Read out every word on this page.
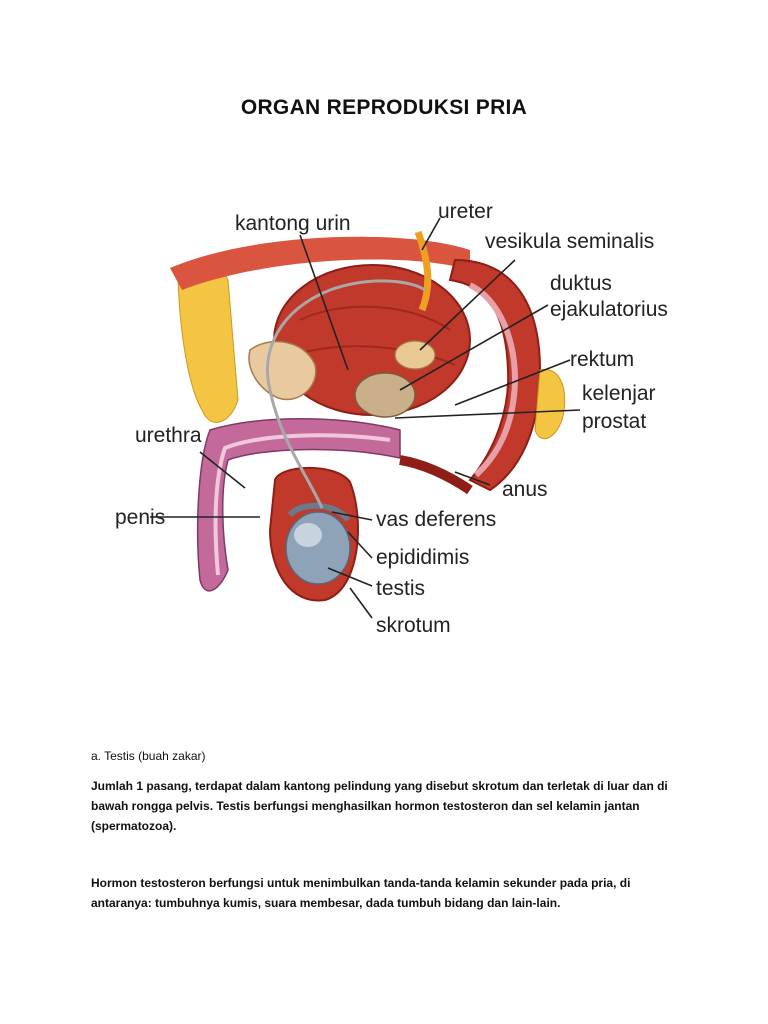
ORGAN REPRODUKSI PRIA
kantong urin
ureter
vesikula seminalis
duktus
ejakulatorius
rektum
kelenjar
prostat
urethra
anus
penis	vas deferens
epididimis
testis
skrotum

a. Testis (buah zakar)

Jumlah 1 pasang, terdapat dalam kantong pelindung yang disebut skrotum dan terletak di luar dan di bawah rongga pelvis. Testis berfungsi menghasilkan hormon testosteron dan sel kelamin jantan (spermatozoa).

Hormon testosteron berfungsi untuk menimbulkan tanda-tanda kelamin sekunder pada pria, di antaranya: tumbuhnya kumis, suara membesar, dada tumbuh bidang dan lain-lain.
